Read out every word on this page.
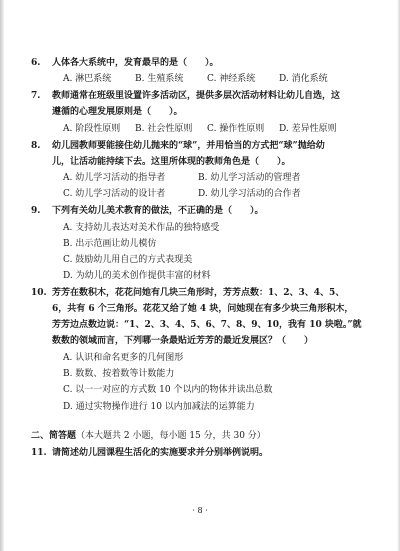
6. 人体各大系统中，发育最早的是（　　）。
A. 淋巴系统	B. 生殖系统	C. 神经系统	D. 消化系统
7. 教师通常在班级里设置许多活动区，提供多层次活动材料让幼儿自选，这
遵循的心理发展原则是（　　）。
A. 阶段性原则	B. 社会性原则	C. 操作性原则	D. 差异性原则
8. 幼儿园教师要能接住幼儿抛来的“球”，并用恰当的方式把“球”抛给幼
儿，让活动能持续下去。这里所体现的教师角色是（　　）。
A. 幼儿学习活动的指导者	B. 幼儿学习活动的管理者
C. 幼儿学习活动的设计者	D. 幼儿学习活动的合作者
9. 下列有关幼儿美术教育的做法，不正确的是（　　）。
A. 支持幼儿表达对美术作品的独特感受
B. 出示范画让幼儿模仿
C. 鼓励幼儿用自己的方式表现美
D. 为幼儿的美术创作提供丰富的材料
10. 芳芳在数积木，花花问她有几块三角形时，芳芳点数：1、2、3、4、5、
6，共有 6 个三角形。花花又给了她 4 块，问她现在有多少块三角形积木，
芳芳边点数边说：“1、2、3、4、5、6、7、8、9、10，我有 10 块啦。”就
数数的领域而言，下列哪一条最贴近芳芳的最近发展区？（　　）
A. 认识和命名更多的几何图形
B. 数数、按着数等计数能力
C. 以一一对应的方式数 10 个以内的物体并读出总数
D. 通过实物操作进行 10 以内加减法的运算能力
二、简答题（本大题共 2 小题，每小题 15 分，共 30 分）
11. 请简述幼儿园课程生活化的实施要求并分别举例说明。
· 8 ·
